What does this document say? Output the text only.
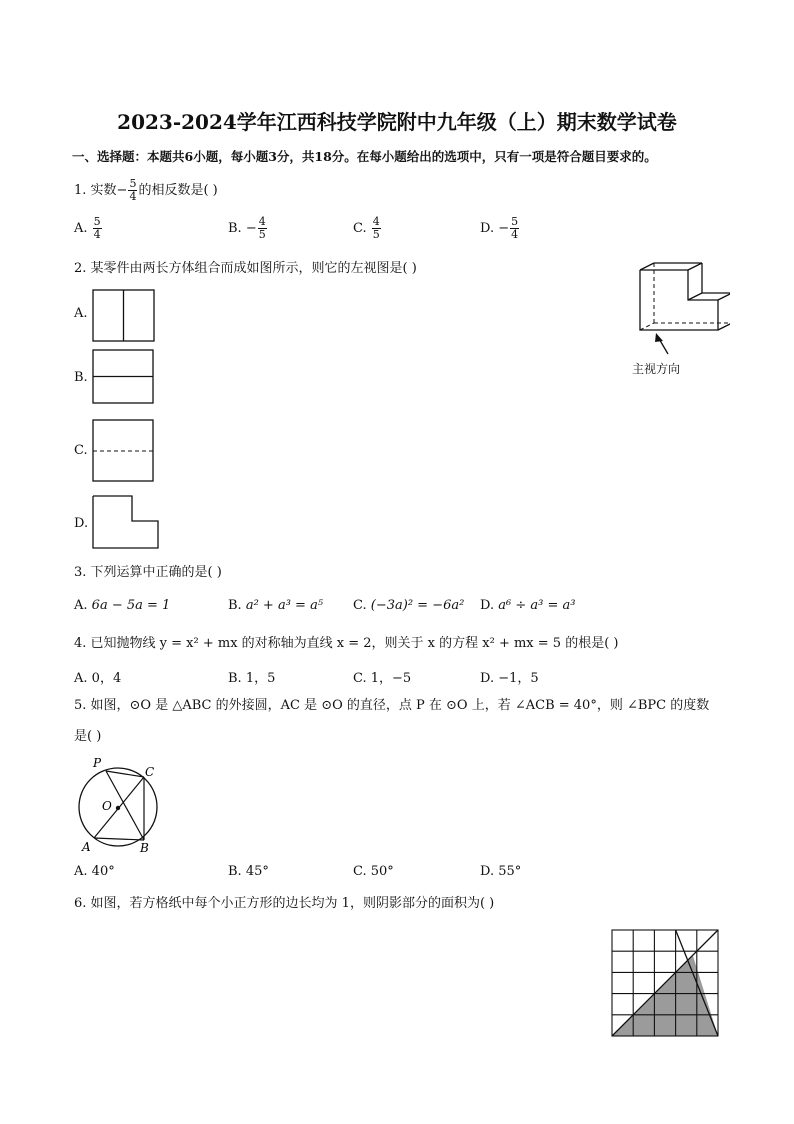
2023-2024学年江西科技学院附中九年级（上）期末数学试卷
一、选择题：本题共6小题，每小题3分，共18分。在每小题给出的选项中，只有一项是符合题目要求的。
1. 实数− $\frac{5}{4}$ 的相反数是( )
A. $\frac{5}{4}$	B. − $\frac{4}{5}$	C. $\frac{4}{5}$	D. − $\frac{5}{4}$
2. 某零件由两长方体组合而成如图所示，则它的左视图是( )
A.
B.
C.
D.
主视方向
3. 下列运算中正确的是( )
A. 6a − 5a = 1	B. a² + a³ = a⁵ C. (−3a)² = −6a² D. a⁶ ÷ a³ = a³
4. 已知抛物线 y = x² + mx 的对称轴为直线 x = 2，则关于 x 的方程 x² + mx = 5 的根是( )
A. 0，4	B. 1，5	C. 1，−5	D. −1，5
5. 如图，⊙O 是 △ABC 的外接圆，AC 是 ⊙O 的直径，点 P 在 ⊙O 上，若 ∠ACB = 40°，则 ∠BPC 的度数
是( )
P
C
O
A	B
A. 40°	B. 45°	C. 50°	D. 55°
6. 如图，若方格纸中每个小正方形的边长均为 1，则阴影部分的面积为( )
